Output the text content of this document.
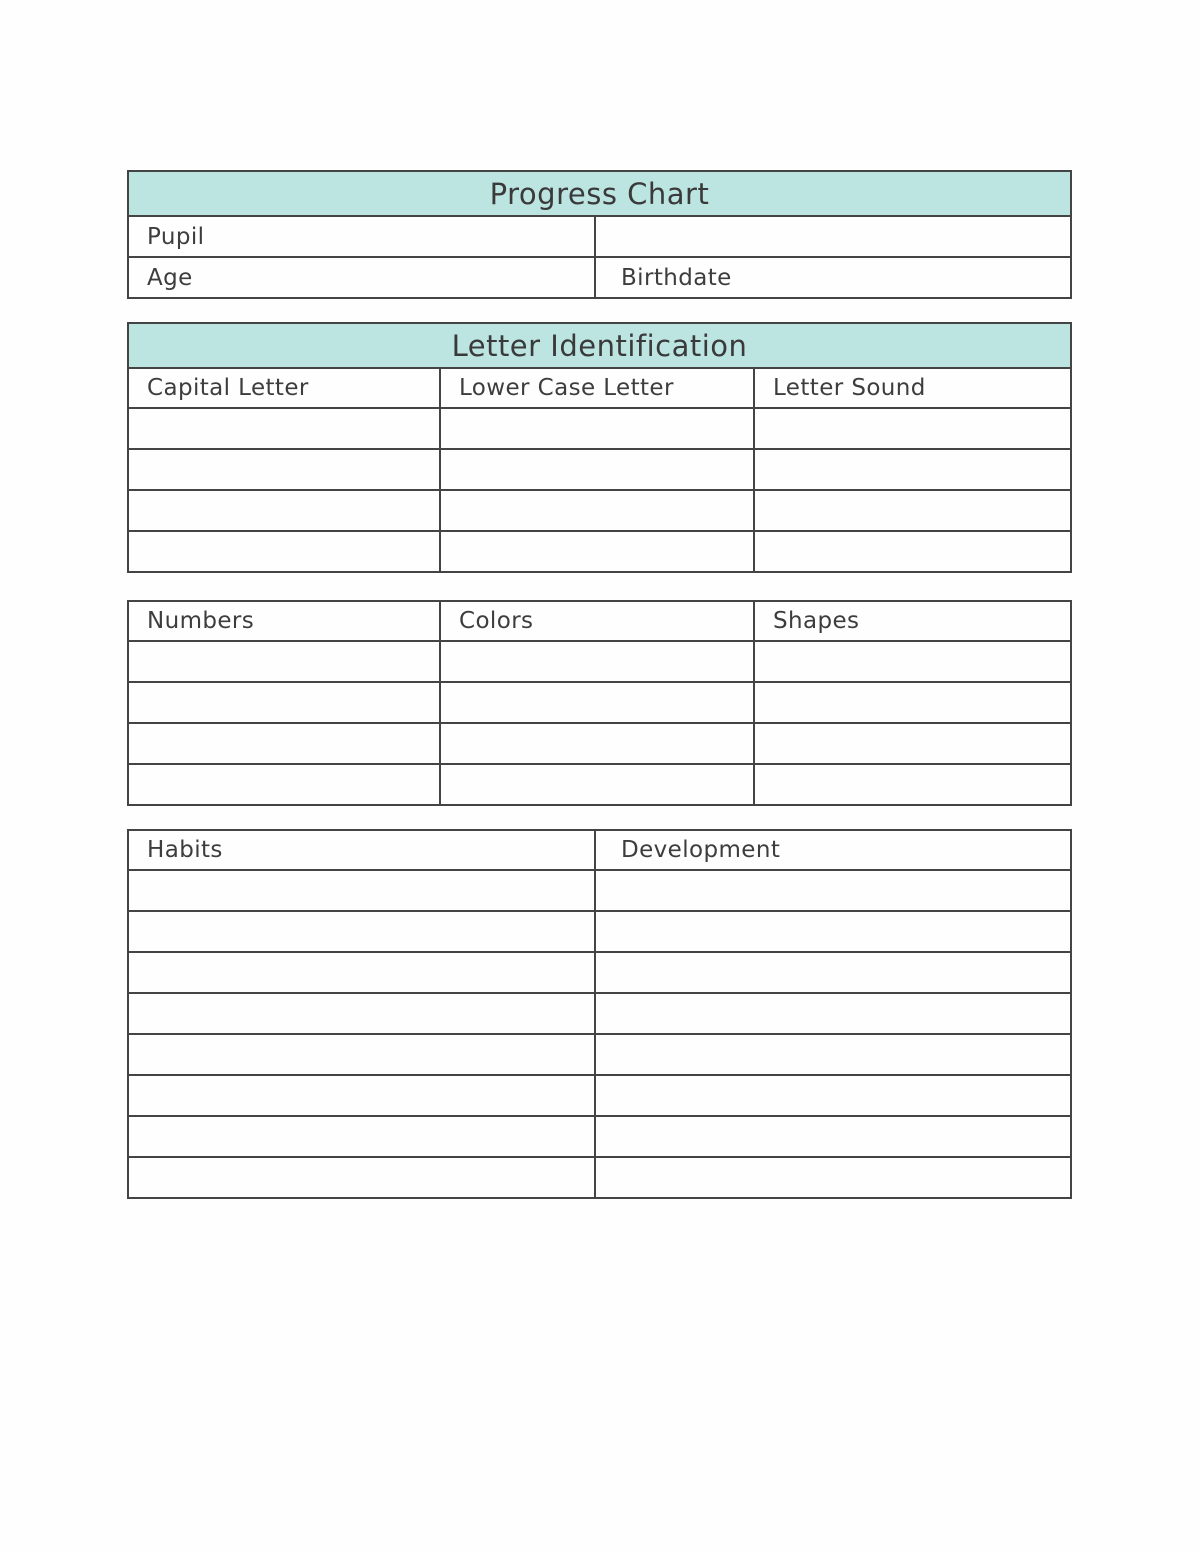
Progress Chart	
Pupil	
Age	Birthdate
Letter Identification		
Capital Letter	Lower Case Letter	Letter Sound

Numbers	Colors	Shapes

Habits	Development
